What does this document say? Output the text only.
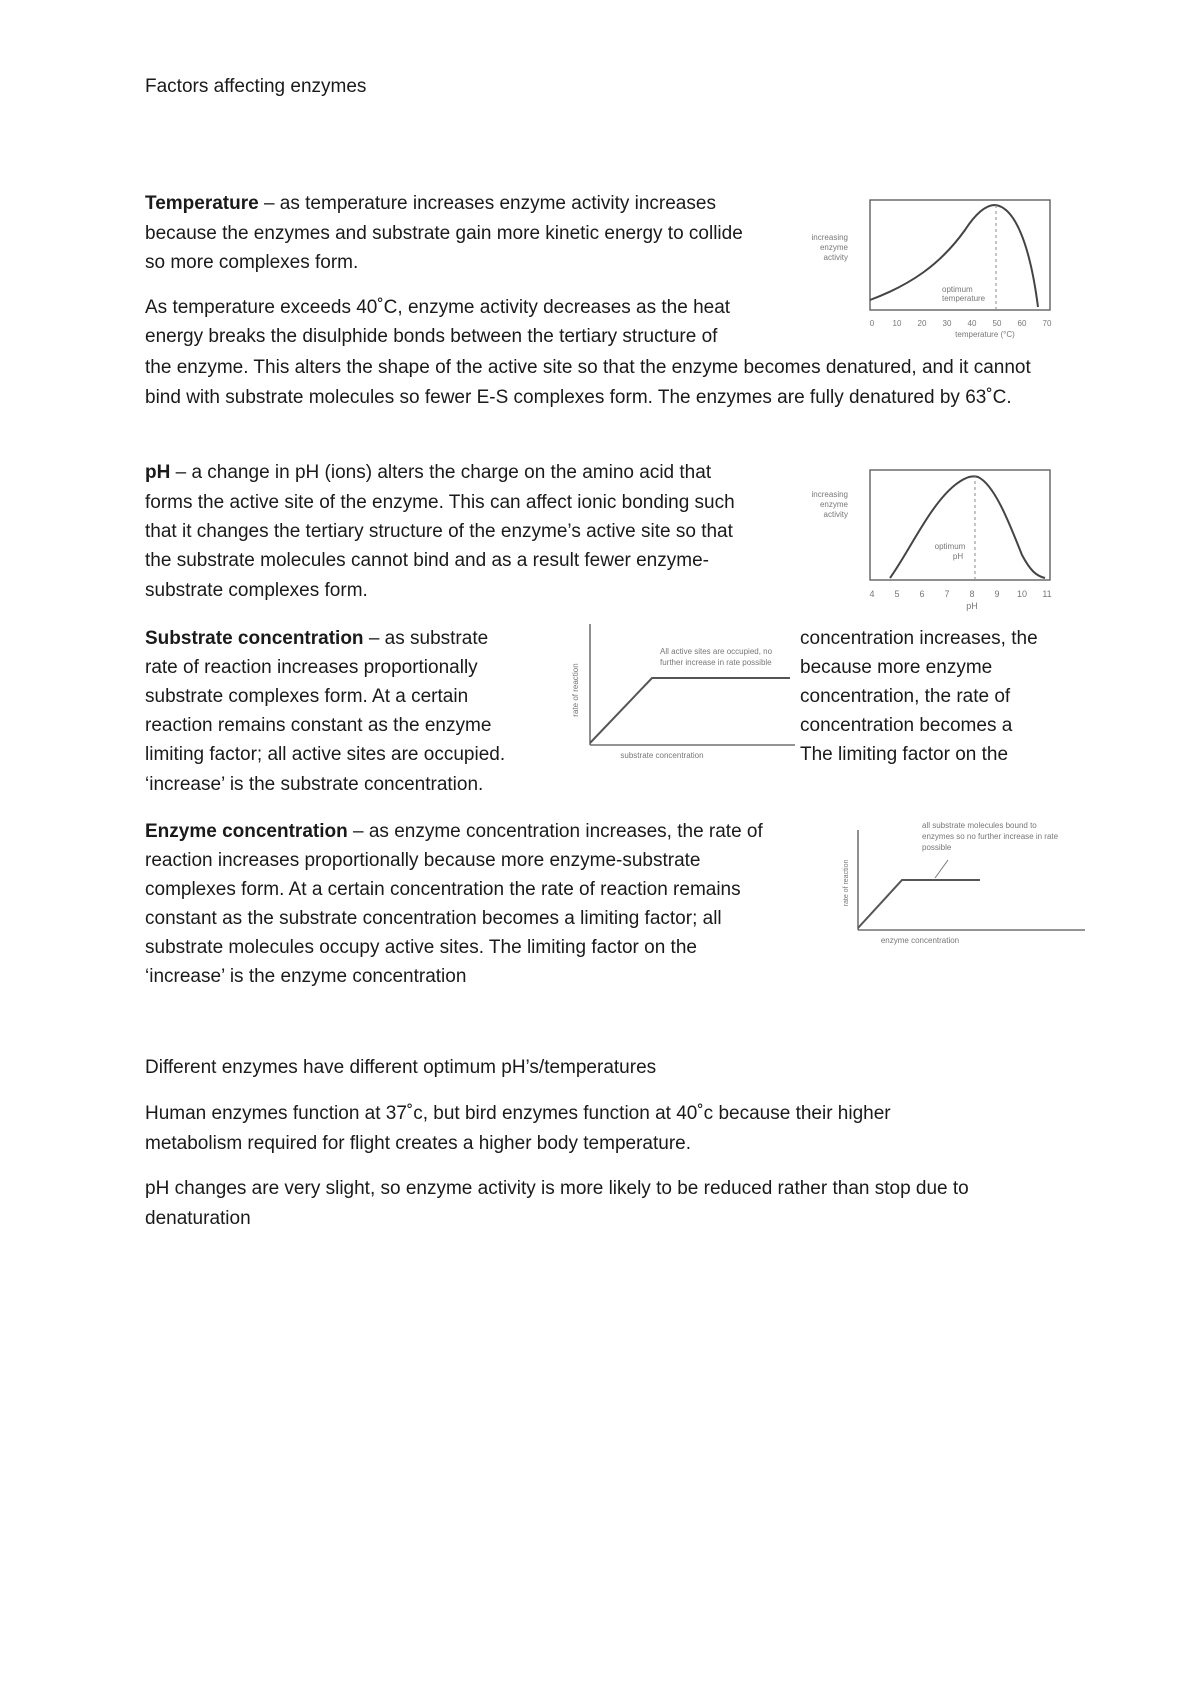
Factors affecting enzymes
Temperature – as temperature increases enzyme activity increases
because the enzymes and substrate gain more kinetic energy to collide
so more complexes form.
As temperature exceeds 40˚C, enzyme activity decreases as the heat
energy breaks the disulphide bonds between the tertiary structure of
the enzyme. This alters the shape of the active site so that the enzyme becomes denatured, and it cannot bind with substrate molecules so fewer E-S complexes form. The enzymes are fully denatured by 63˚C.
increasing
enzyme
activity
optimum
temperature
0 10 20 30 40 50 60 70
temperature (°C)
pH – a change in pH (ions) alters the charge on the amino acid that
forms the active site of the enzyme. This can affect ionic bonding such
that it changes the tertiary structure of the enzyme’s active site so that
the substrate molecules cannot bind and as a result fewer enzyme-
substrate complexes form.
increasing
enzyme
activity
optimum
pH
4 5 6 7 8 9 10 11
pH
Substrate concentration – as substrate
rate of reaction increases proportionally
substrate complexes form. At a certain
reaction remains constant as the enzyme
limiting factor; all active sites are occupied.
‘increase’ is the substrate concentration.
concentration increases, the
because more enzyme
concentration, the rate of
concentration becomes a
The limiting factor on the
rate of reaction
substrate concentration
All active sites are occupied, no
further increase in rate possible
Enzyme concentration – as enzyme concentration increases, the rate of
reaction increases proportionally because more enzyme-substrate
complexes form. At a certain concentration the rate of reaction remains
constant as the substrate concentration becomes a limiting factor; all
substrate molecules occupy active sites. The limiting factor on the
‘increase’ is the enzyme concentration
rate of reaction
enzyme concentration
all substrate molecules bound to
enzymes so no further increase in rate
possible
Different enzymes have different optimum pH’s/temperatures
Human enzymes function at 37˚c, but bird enzymes function at 40˚c because their higher metabolism required for flight creates a higher body temperature.
pH changes are very slight, so enzyme activity is more likely to be reduced rather than stop due to denaturation
